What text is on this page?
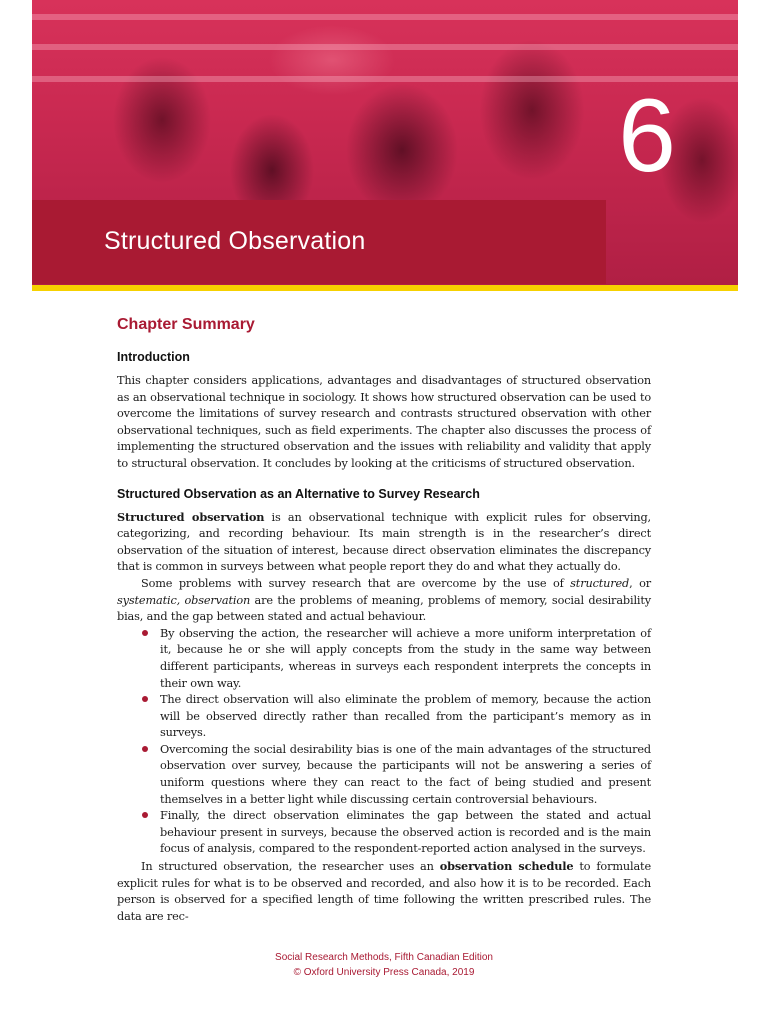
6
Structured Observation
Chapter Summary
Introduction

This chapter considers applications, advantages and disadvantages of structured observation as an observational technique in sociology. It shows how structured observation can be used to overcome the limitations of survey research and contrasts structured observation with other observational techniques, such as field experiments. The chapter also discusses the process of implementing the structured observation and the issues with reliability and validity that apply to structural observation. It concludes by looking at the criticisms of structured observation.

Structured Observation as an Alternative to Survey Research

Structured observation is an observational technique with explicit rules for observing, categorizing, and recording behaviour. Its main strength is in the researcher’s direct observation of the situation of interest, because direct observation eliminates the discrepancy that is common in surveys between what people report they do and what they actually do.

Some problems with survey research that are overcome by the use of structured, or systematic, observation are the problems of meaning, problems of memory, social desirability bias, and the gap between stated and actual behaviour.

By observing the action, the researcher will achieve a more uniform interpretation of it, because he or she will apply concepts from the study in the same way between different participants, whereas in surveys each respondent interprets the concepts in their own way.
The direct observation will also eliminate the problem of memory, because the action will be observed directly rather than recalled from the participant’s memory as in surveys.
Overcoming the social desirability bias is one of the main advantages of the structured observation over survey, because the participants will not be answering a series of uniform questions where they can react to the fact of being studied and present themselves in a better light while discussing certain controversial behaviours.
Finally, the direct observation eliminates the gap between the stated and actual behaviour present in surveys, because the observed action is recorded and is the main focus of analysis, compared to the respondent-reported action analysed in the surveys.

In structured observation, the researcher uses an observation schedule to formulate explicit rules for what is to be observed and recorded, and also how it is to be recorded. Each person is observed for a specified length of time following the written prescribed rules. The data are rec-

Social Research Methods, Fifth Canadian Edition
© Oxford University Press Canada, 2019
